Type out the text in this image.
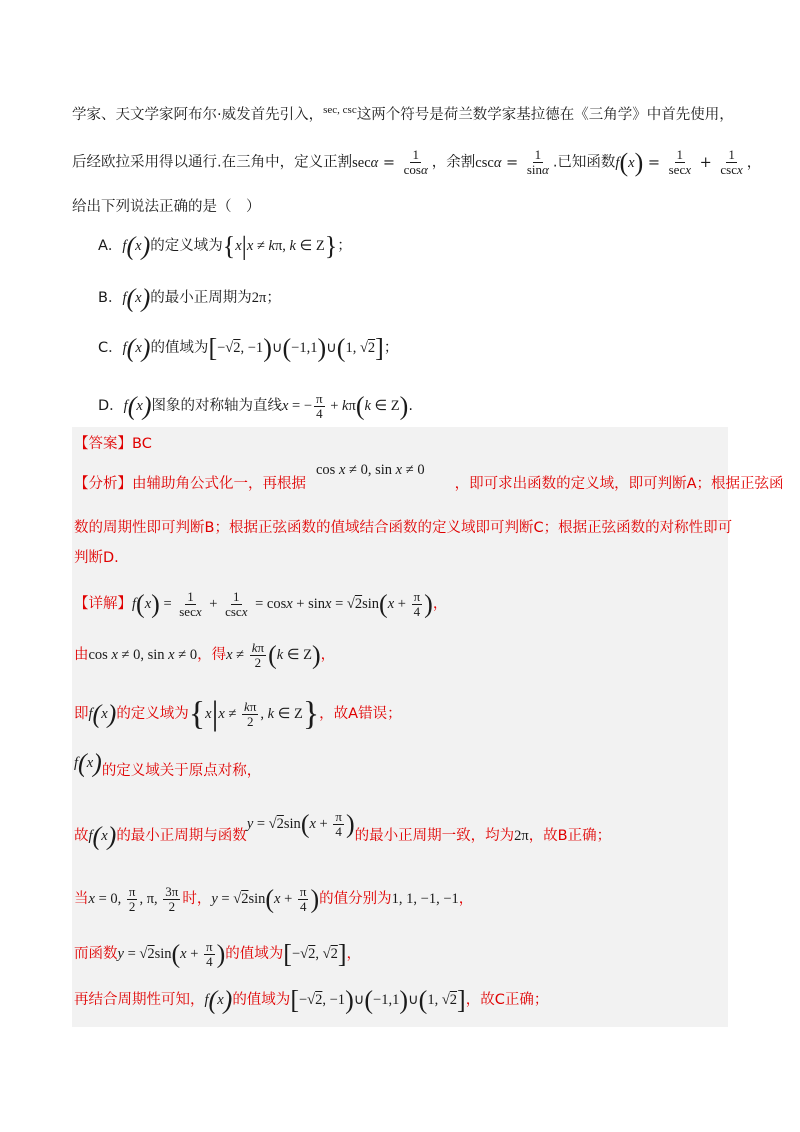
学家、天文学家阿布尔·威发首先引入，$^{sec, csc}$这两个符号是荷兰数学家基拉德在《三角学》中首先使用，
后经欧拉采用得以通行.在三角中，定义正割$\sec\alpha = \frac{1}{\cos\alpha}$ ，余割$\csc\alpha = \frac{1}{\sin\alpha}$ .已知函数$f(x) = \frac{1}{\sec x} + \frac{1}{\csc x}$ ，
给出下列说法正确的是（　）
A．f(x)的定义域为{x|x ≠ kπ, k ∈ Z}；
B．f(x)的最小正周期为2π；
C．f(x)的值域为[−√2, −1)∪(−1,1)∪(1, √2]；
D．f(x)图象的对称轴为直线x = − $\frac{\pi}{4} + k\pi(k$ ∈ Z).
【答案】BC
【分析】由辅助角公式化一，再根据cos x ≠ 0, sin x ≠ 0，即可求出函数的定义域，即可判断A；根据正弦函
数的周期性即可判断B；根据正弦函数的值域结合函数的定义域即可判断C；根据正弦函数的对称性即可
判断D.
【详解】$f(x) = \frac{1}{\sec x} + \frac{1}{\csc x} = \cos x + \sin x = √2\sin(x + \frac{\pi}{4}$ )，
由cos x ≠ 0, sin x ≠ 0，得$x \ne \frac{k\pi}{2} (k$ ∈ Z)，
即f(x)的定义域为{$x|x \ne \frac{k\pi}{2}$ , k ∈ Z}，故A错误；
f(x)的定义域关于原点对称，
故f(x)的最小正周期与函数$y = √2\sin(x + \frac{\pi}{4}$ )的最小正周期一致，均为2π，故B正确；
当x = 0, $\frac{\pi}{2}$ , π, $\frac{3\pi}{2}$ 时，$y = √2\sin(x + \frac{\pi}{4}$ )的值分别为1, 1, −1, −1，
而函数$y = √2\sin(x + \frac{\pi}{4}$ )的值域为[−√2, √2]，
再结合周期性可知，f(x)的值域为[−√2, −1)∪(−1,1)∪(1, √2]，故C正确；
